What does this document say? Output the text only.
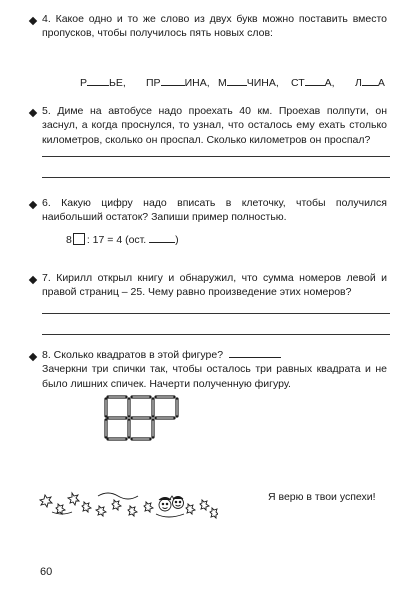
4. Какое одно и то же слово из двух букв можно поставить вместо пропусков, чтобы получилось пять новых слов:
Р ЬЕ, ПР ИНА, М ЧИНА, СТ А, Л А
5. Диме на автобусе надо проехать 40 км. Проехав полпути, он заснул, а когда проснулся, то узнал, что осталось ему ехать столько километров, сколько он проспал. Сколько километров он проспал?
6. Какую цифру надо вписать в клеточку, чтобы получился наибольший остаток? Запиши пример полностью.
8 : 17 = 4 (ост.	)
7. Кирилл открыл книгу и обнаружил, что сумма номеров левой и правой страниц – 25. Чему равно произведение этих номеров?
8. Сколько квадратов в этой фигуре?
Зачеркни три спички так, чтобы осталось три равных квадрата и не было лишних спичек. Начерти полученную фигуру.
Я верю в твои успехи!
60
